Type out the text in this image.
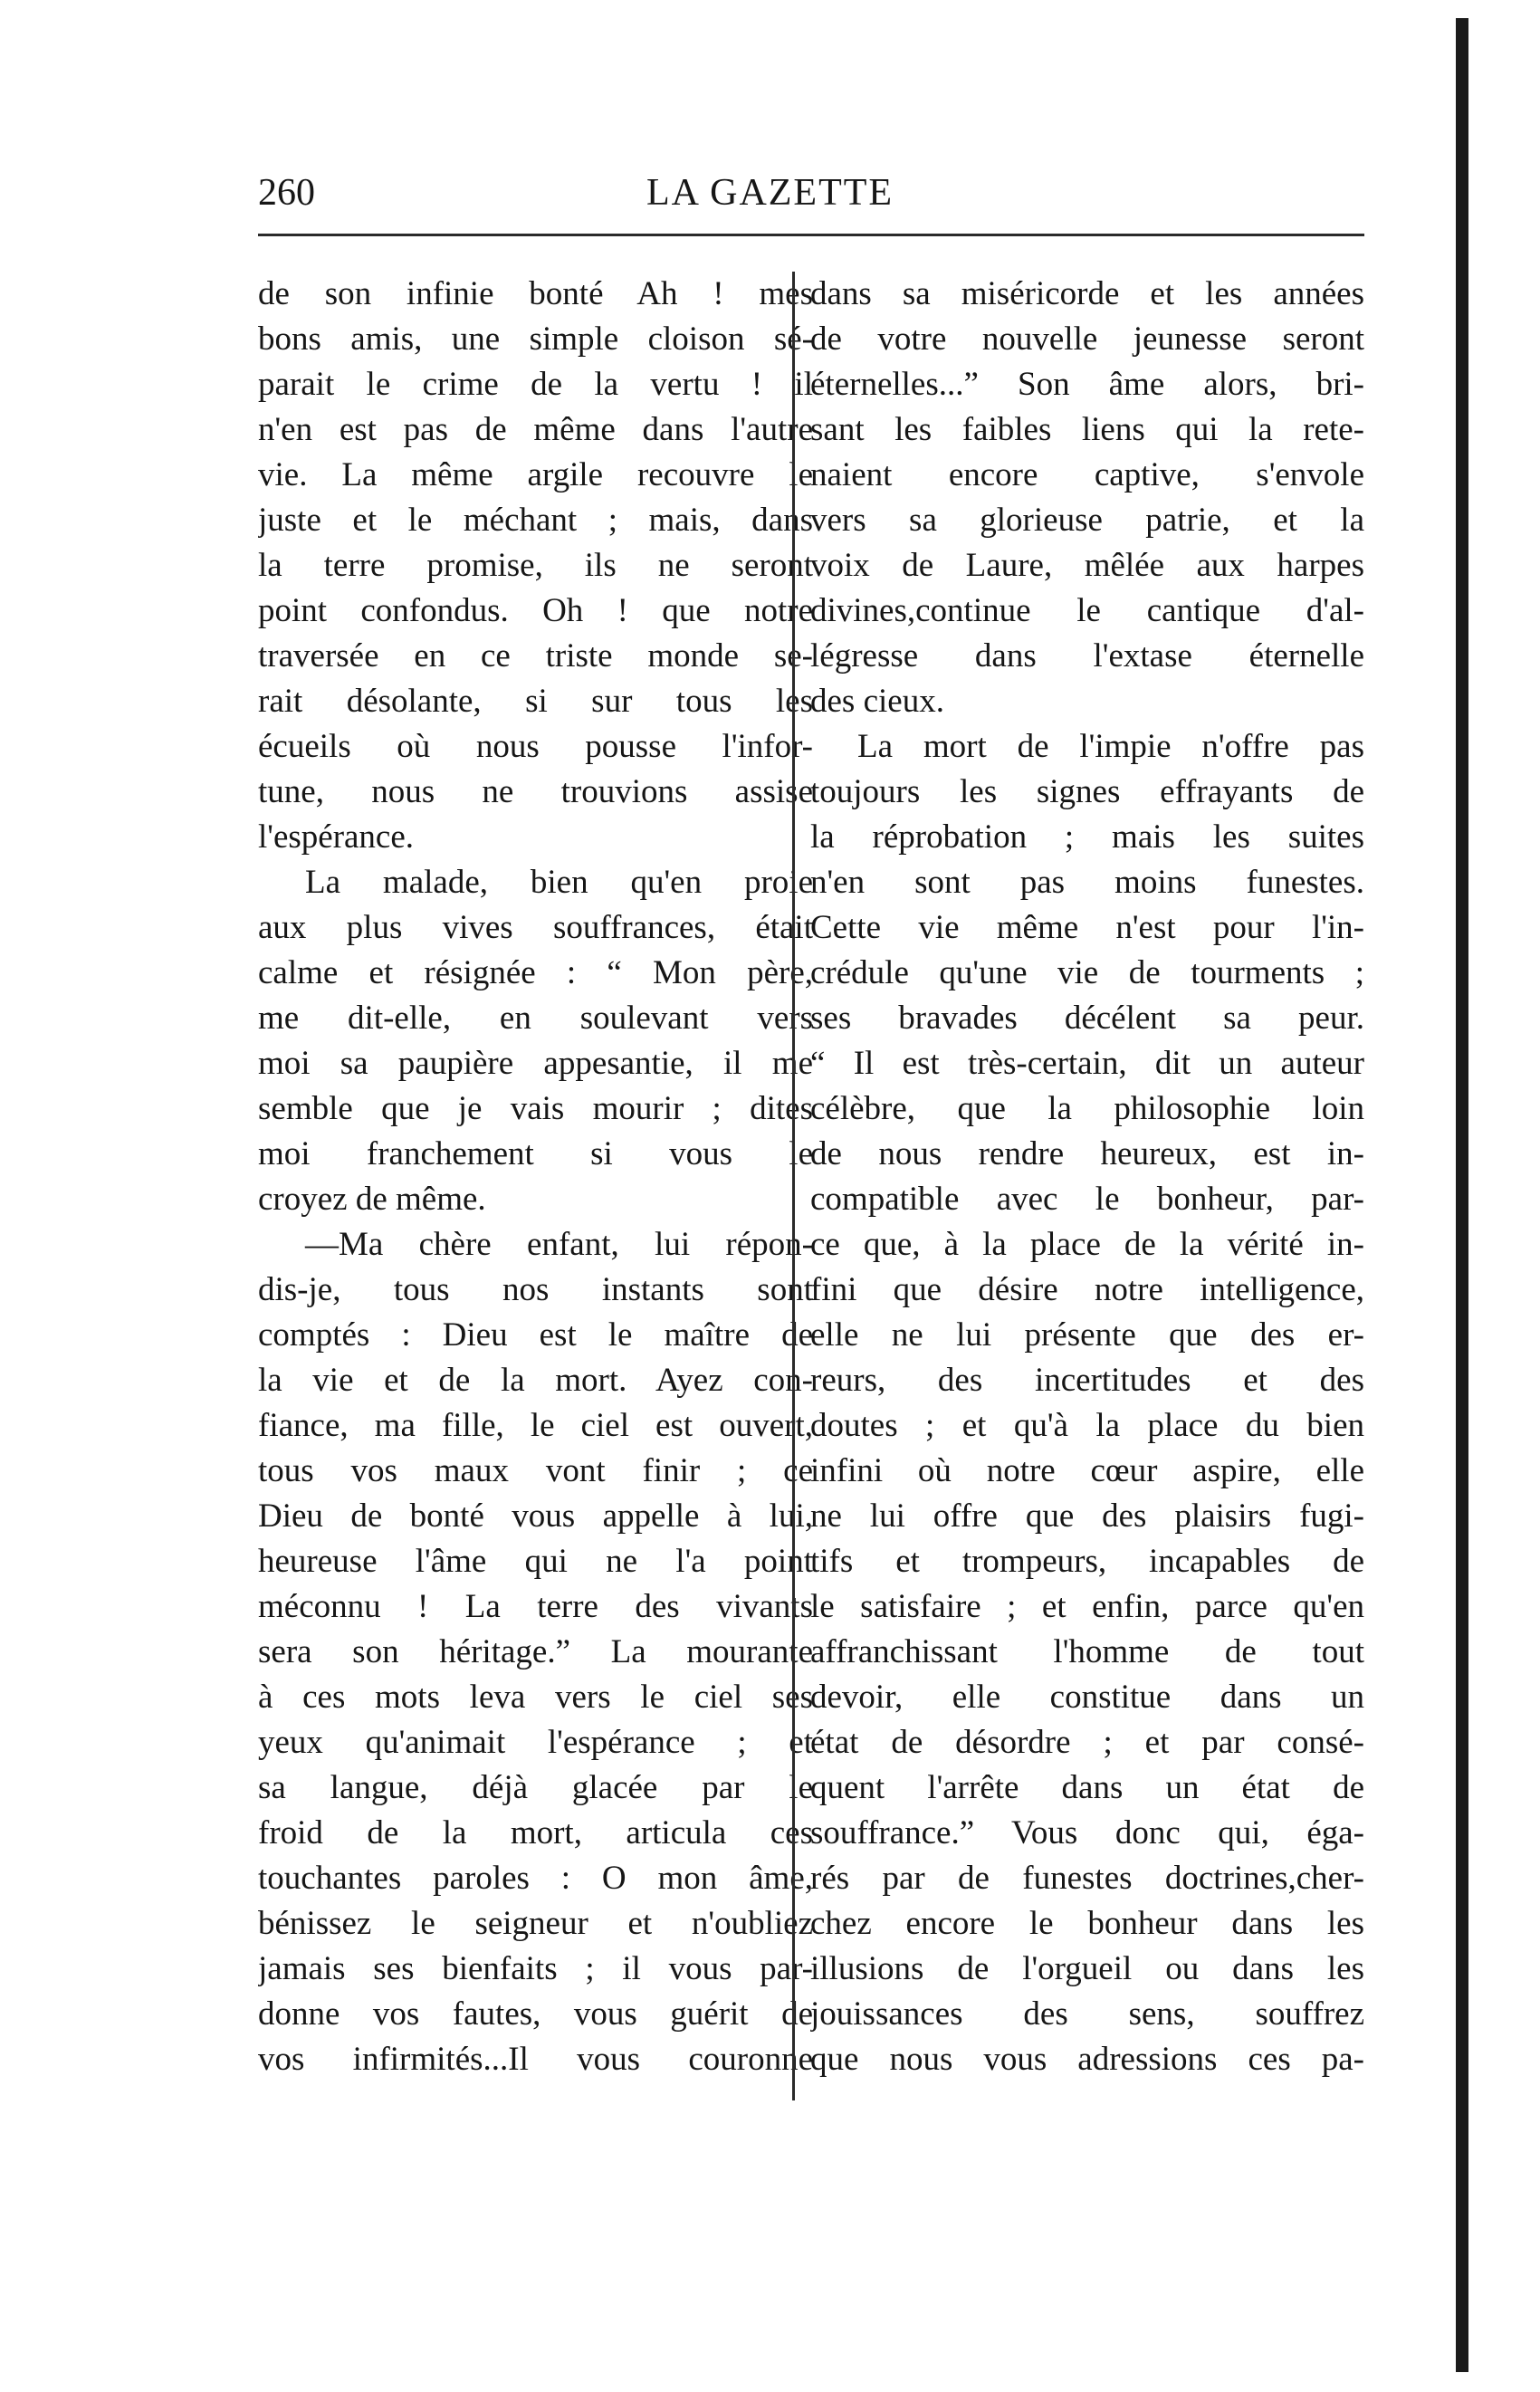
260	LA GAZETTE
de son infinie bonté Ah ! mes
bons amis, une simple cloison sé-
parait le crime de la vertu ! il
n'en est pas de même dans l'autre
vie. La même argile recouvre le
juste et le méchant ; mais, dans
la terre promise, ils ne seront
point confondus. Oh ! que notre
traversée en ce triste monde se-
rait désolante, si sur tous les
écueils où nous pousse l'infor-
tune, nous ne trouvions assise
l'espérance.
La malade, bien qu'en proie
aux plus vives souffrances, était
calme et résignée : “ Mon père,
me dit-elle, en soulevant vers
moi sa paupière appesantie, il me
semble que je vais mourir ; dites
moi franchement si vous le
croyez de même.
—Ma chère enfant, lui répon-
dis-je, tous nos instants sont
comptés : Dieu est le maître de
la vie et de la mort. Ayez con-
fiance, ma fille, le ciel est ouvert,
tous vos maux vont finir ; ce
Dieu de bonté vous appelle à lui,
heureuse l'âme qui ne l'a point
méconnu ! La terre des vivants
sera son héritage.” La mourante
à ces mots leva vers le ciel ses
yeux qu'animait l'espérance ; et
sa langue, déjà glacée par le
froid de la mort, articula ces
touchantes paroles : O mon âme,
bénissez le seigneur et n'oubliez
jamais ses bienfaits ; il vous par-
donne vos fautes, vous guérit de
vos infirmités...Il vous couronne
dans sa miséricorde et les années
de votre nouvelle jeunesse seront
éternelles...” Son âme alors, bri-
sant les faibles liens qui la rete-
naient encore captive, s'envole
vers sa glorieuse patrie, et la
voix de Laure, mêlée aux harpes
divines,continue le cantique d'al-
légresse dans l'extase éternelle
des cieux.
La mort de l'impie n'offre pas
toujours les signes effrayants de
la réprobation ; mais les suites
n'en sont pas moins funestes.
Cette vie même n'est pour l'in-
crédule qu'une vie de tourments ;
ses bravades décélent sa peur.
“ Il est très-certain, dit un auteur
célèbre, que la philosophie loin
de nous rendre heureux, est in-
compatible avec le bonheur, par-
ce que, à la place de la vérité in-
fini que désire notre intelligence,
elle ne lui présente que des er-
reurs, des incertitudes et des
doutes ; et qu'à la place du bien
infini où notre cœur aspire, elle
ne lui offre que des plaisirs fugi-
tifs et trompeurs, incapables de
le satisfaire ; et enfin, parce qu'en
affranchissant l'homme de tout
devoir, elle constitue dans un
état de désordre ; et par consé-
quent l'arrête dans un état de
souffrance.” Vous donc qui, éga-
rés par de funestes doctrines,cher-
chez encore le bonheur dans les
illusions de l'orgueil ou dans les
jouissances des sens, souffrez
que nous vous adressions ces pa-
